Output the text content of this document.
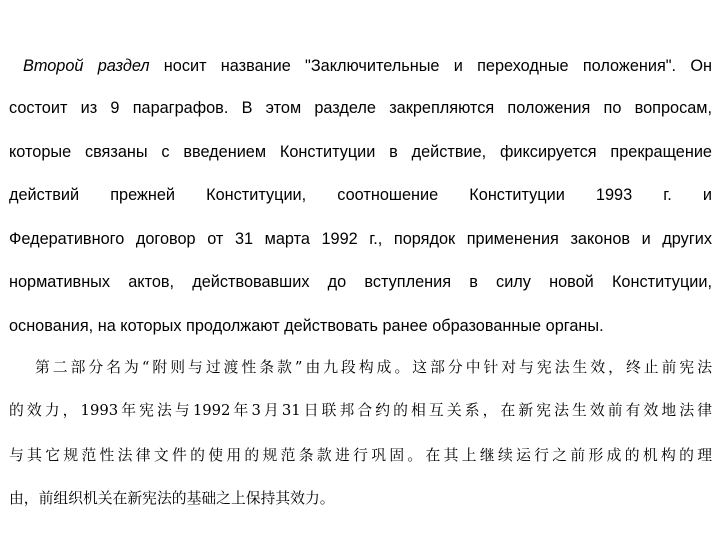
Второй раздел носит название "Заключительные и переходные положения". Он
состоит из 9 параграфов. В этом разделе закрепляются положения по вопросам,
которые связаны с введением Конституции в действие, фиксируется прекращение
действий прежней Конституции, соотношение Конституции 1993 г. и
Федеративного договор от 31 марта 1992 г., порядок применения законов и других
нормативных актов, действовавших до вступления в силу новой Конституции,
основания, на которых продолжают действовать ранее образованные органы.
第二部分名为“附则与过渡性条款”由九段构成。这部分中针对与宪法生效，终止前宪法
的效力，1993年宪法与1992年3月31日联邦合约的相互关系，在新宪法生效前有效地法律
与其它规范性法律文件的使用的规范条款进行巩固。在其上继续运行之前形成的机构的理
由，前组织机关在新宪法的基础之上保持其效力。
